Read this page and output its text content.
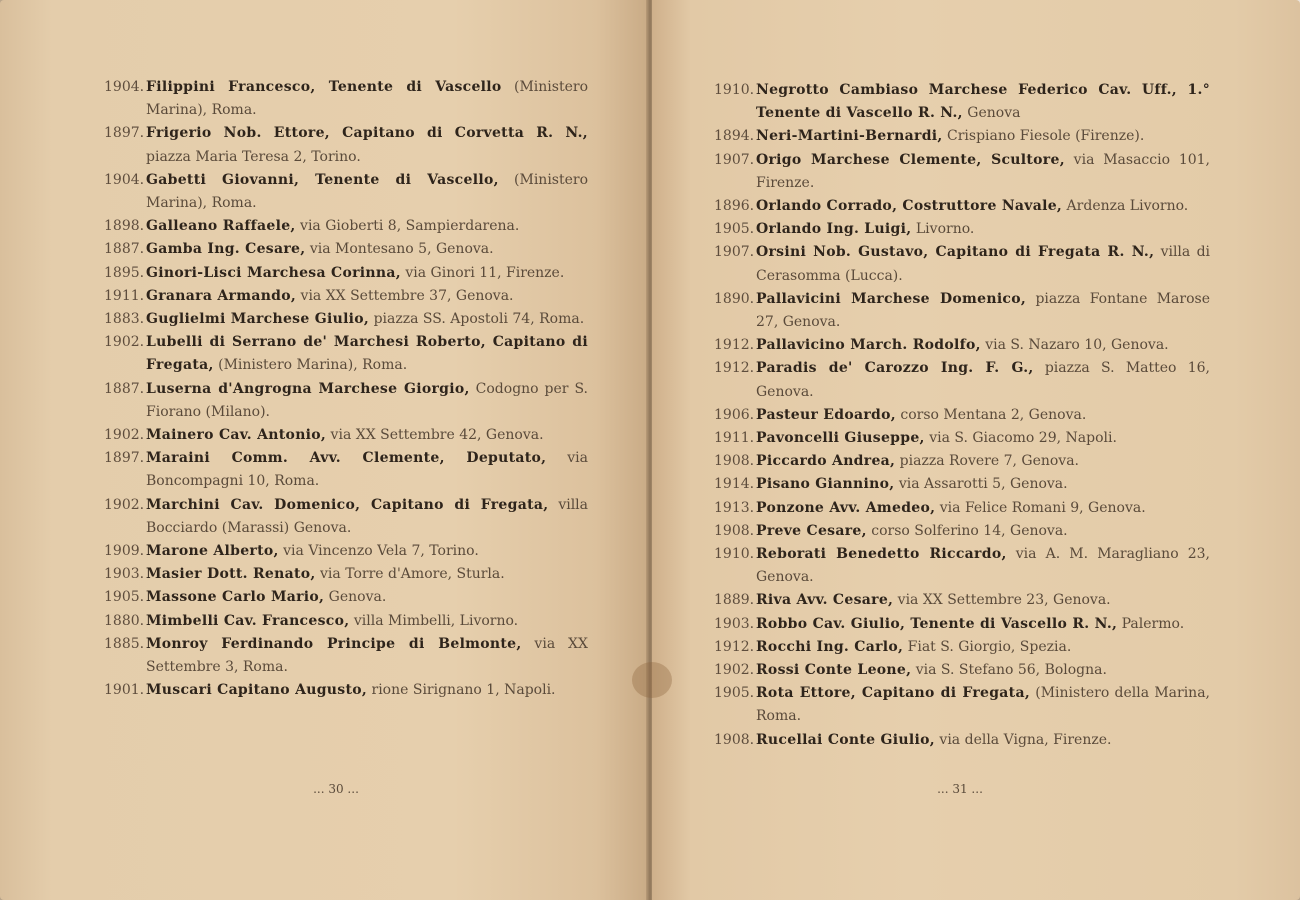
1904. Filippini Francesco, Tenente di Vascello (Ministero Marina), Roma.
1897. Frigerio Nob. Ettore, Capitano di Corvetta R. N., piazza Maria Teresa 2, Torino.
1904. Gabetti Giovanni, Tenente di Vascello, (Ministero Marina), Roma.
1898. Galleano Raffaele, via Gioberti 8, Sampierdarena.
1887. Gamba Ing. Cesare, via Montesano 5, Genova.
1895. Ginori-Lisci Marchesa Corinna, via Ginori 11, Firenze.
1911. Granara Armando, via XX Settembre 37, Genova.
1883. Guglielmi Marchese Giulio, piazza SS. Apostoli 74, Roma.
1902. Lubelli di Serrano de' Marchesi Roberto, Capitano di Fregata, (Ministero Marina), Roma.
1887. Luserna d'Angrogna Marchese Giorgio, Codogno per S. Fiorano (Milano).
1902. Mainero Cav. Antonio, via XX Settembre 42, Genova.
1897. Maraini Comm. Avv. Clemente, Deputato, via Boncompagni 10, Roma.
1902. Marchini Cav. Domenico, Capitano di Fregata, villa Bocciardo (Marassi) Genova.
1909. Marone Alberto, via Vincenzo Vela 7, Torino.
1903. Masier Dott. Renato, via Torre d'Amore, Sturla.
1905. Massone Carlo Mario, Genova.
1880. Mimbelli Cav. Francesco, villa Mimbelli, Livorno.
1885. Monroy Ferdinando Principe di Belmonte, via XX Settembre 3, Roma.
1901. Muscari Capitano Augusto, rione Sirignano 1, Napoli.
... 30 ...
1910. Negrotto Cambiaso Marchese Federico Cav. Uff., 1.° Tenente di Vascello R. N., Genova
1894. Neri-Martini-Bernardi, Crispiano Fiesole (Firenze).
1907. Origo Marchese Clemente, Scultore, via Masaccio 101, Firenze.
1896. Orlando Corrado, Costruttore Navale, Ardenza Livorno.
1905. Orlando Ing. Luigi, Livorno.
1907. Orsini Nob. Gustavo, Capitano di Fregata R. N., villa di Cerasomma (Lucca).
1890. Pallavicini Marchese Domenico, piazza Fontane Marose 27, Genova.
1912. Pallavicino March. Rodolfo, via S. Nazaro 10, Genova.
1912. Paradis de' Carozzo Ing. F. G., piazza S. Matteo 16, Genova.
1906. Pasteur Edoardo, corso Mentana 2, Genova.
1911. Pavoncelli Giuseppe, via S. Giacomo 29, Napoli.
1908. Piccardo Andrea, piazza Rovere 7, Genova.
1914. Pisano Giannino, via Assarotti 5, Genova.
1913. Ponzone Avv. Amedeo, via Felice Romani 9, Genova.
1908. Preve Cesare, corso Solferino 14, Genova.
1910. Reborati Benedetto Riccardo, via A. M. Maragliano 23, Genova.
1889. Riva Avv. Cesare, via XX Settembre 23, Genova.
1903. Robbo Cav. Giulio, Tenente di Vascello R. N., Palermo.
1912. Rocchi Ing. Carlo, Fiat S. Giorgio, Spezia.
1902. Rossi Conte Leone, via S. Stefano 56, Bologna.
1905. Rota Ettore, Capitano di Fregata, (Ministero della Marina, Roma.
1908. Rucellai Conte Giulio, via della Vigna, Firenze.
... 31 ...
